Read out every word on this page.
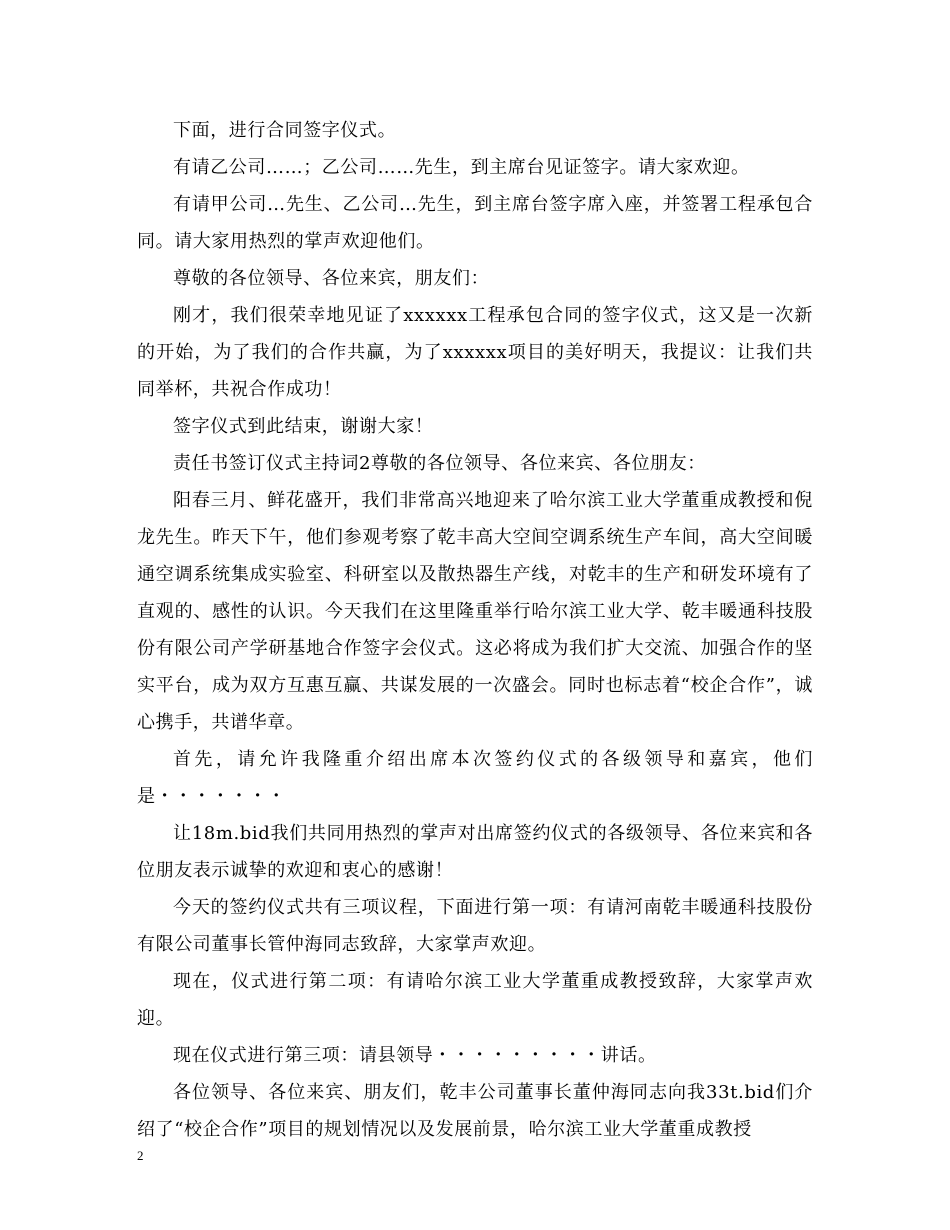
下面，进行合同签字仪式。

有请乙公司……；乙公司……先生，到主席台见证签字。请大家欢迎。

有请甲公司…先生、乙公司…先生，到主席台签字席入座，并签署工程承包合同。请大家用热烈的掌声欢迎他们。

尊敬的各位领导、各位来宾，朋友们：

刚才，我们很荣幸地见证了xxxxxx工程承包合同的签字仪式，这又是一次新的开始，为了我们的合作共赢，为了xxxxxx项目的美好明天，我提议：让我们共同举杯，共祝合作成功！

签字仪式到此结束，谢谢大家！

责任书签订仪式主持词2尊敬的各位领导、各位来宾、各位朋友：

阳春三月、鲜花盛开，我们非常高兴地迎来了哈尔滨工业大学董重成教授和倪龙先生。昨天下午，他们参观考察了乾丰高大空间空调系统生产车间，高大空间暖通空调系统集成实验室、科研室以及散热器生产线，对乾丰的生产和研发环境有了直观的、感性的认识。今天我们在这里隆重举行哈尔滨工业大学、乾丰暖通科技股份有限公司产学研基地合作签字会仪式。这必将成为我们扩大交流、加强合作的坚实平台，成为双方互惠互赢、共谋发展的一次盛会。同时也标志着“校企合作”，诚心携手，共谱华章。

首先，请允许我隆重介绍出席本次签约仪式的各级领导和嘉宾，他们是・・・・・・・

让18m.bid我们共同用热烈的掌声对出席签约仪式的各级领导、各位来宾和各位朋友表示诚挚的欢迎和衷心的感谢！

今天的签约仪式共有三项议程，下面进行第一项：有请河南乾丰暖通科技股份有限公司董事长管仲海同志致辞，大家掌声欢迎。

现在，仪式进行第二项：有请哈尔滨工业大学董重成教授致辞，大家掌声欢迎。

现在仪式进行第三项：请县领导・・・・・・・・・讲话。

各位领导、各位来宾、朋友们，乾丰公司董事长董仲海同志向我33t.bid们介绍了“校企合作”项目的规划情况以及发展前景，哈尔滨工业大学董重成教授

2
